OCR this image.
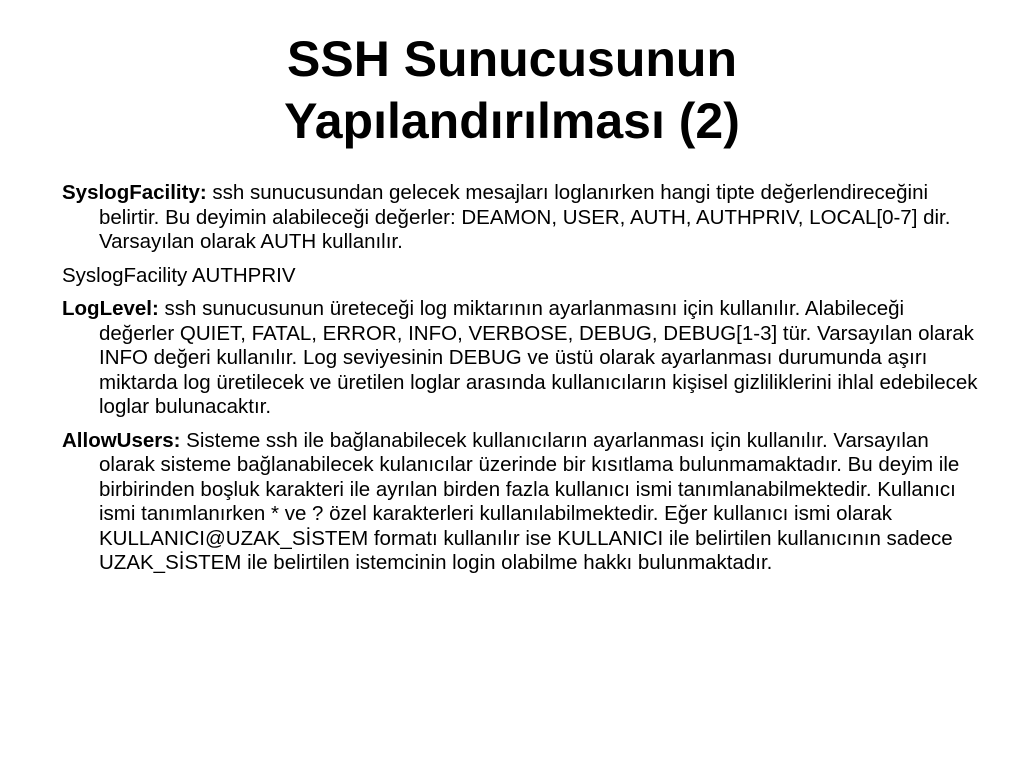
SSH Sunucusunun
Yapılandırılması (2)

SyslogFacility: ssh sunucusundan gelecek mesajları loglanırken hangi tipte değerlendireceğini belirtir. Bu deyimin alabileceği değerler: DEAMON, USER, AUTH, AUTHPRIV, LOCAL[0-7] dir. Varsayılan olarak AUTH kullanılır.

SyslogFacility AUTHPRIV

LogLevel: ssh sunucusunun üreteceği log miktarının ayarlanmasını için kullanılır. Alabileceği değerler QUIET, FATAL, ERROR, INFO, VERBOSE, DEBUG, DEBUG[1-3] tür. Varsayılan olarak INFO değeri kullanılır. Log seviyesinin DEBUG ve üstü olarak ayarlanması durumunda aşırı miktarda log üretilecek ve üretilen loglar arasında kullanıcıların kişisel gizliliklerini ihlal edebilecek loglar bulunacaktır.

AllowUsers: Sisteme ssh ile bağlanabilecek kullanıcıların ayarlanması için kullanılır. Varsayılan olarak sisteme bağlanabilecek kulanıcılar üzerinde bir kısıtlama bulunmamaktadır. Bu deyim ile birbirinden boşluk karakteri ile ayrılan birden fazla kullanıcı ismi tanımlanabilmektedir. Kullanıcı ismi tanımlanırken * ve ? özel karakterleri kullanılabilmektedir. Eğer kullanıcı ismi olarak KULLANICI@UZAK_SİSTEM formatı kullanılır ise KULLANICI ile belirtilen kullanıcının sadece UZAK_SİSTEM ile belirtilen istemcinin login olabilme hakkı bulunmaktadır.
